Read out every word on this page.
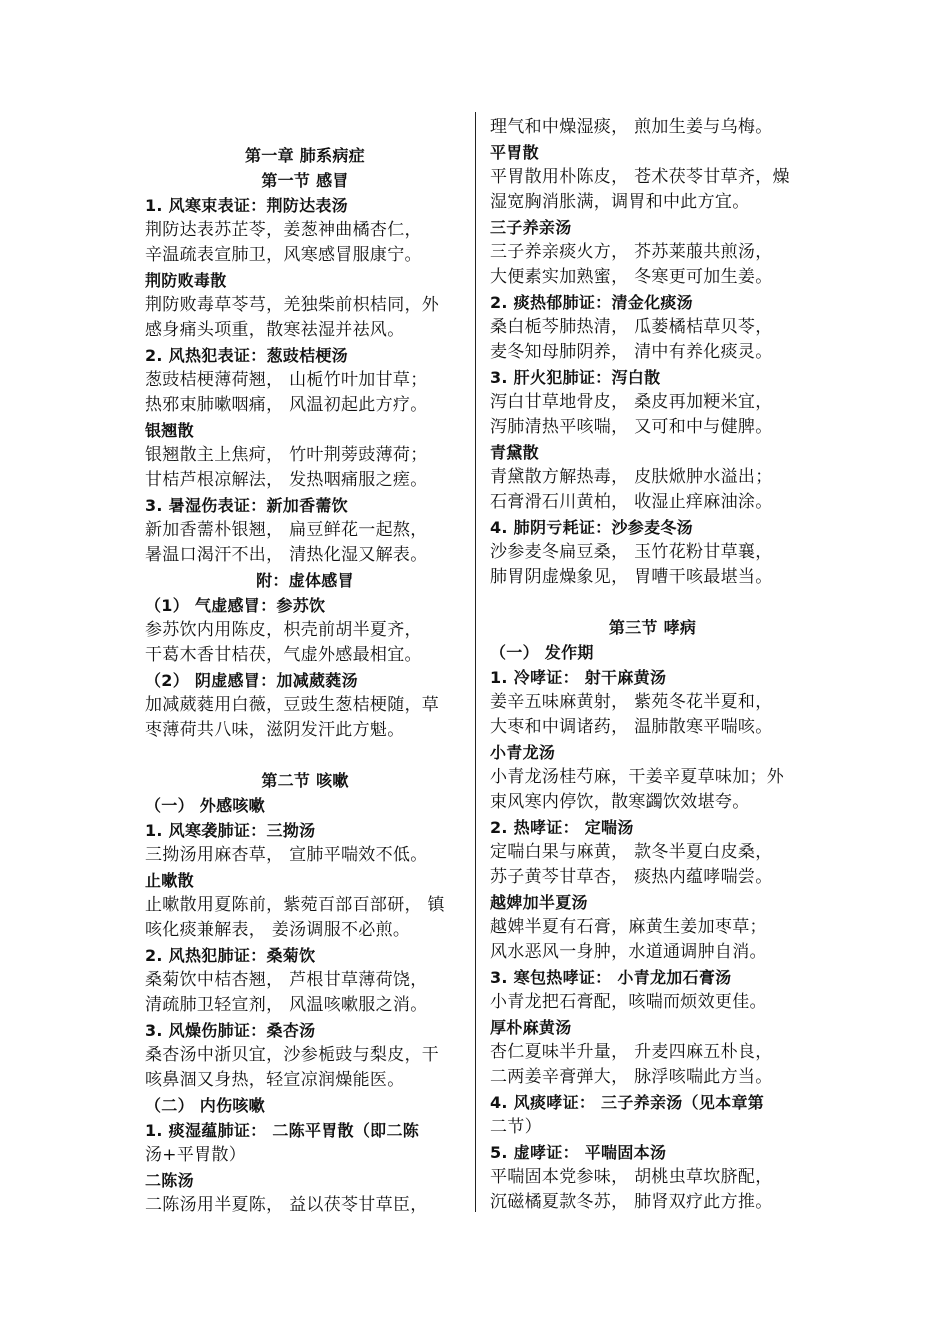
第一章 肺系病症
第一节 感冒
1. 风寒束表证：荆防达表汤
荆防达表苏芷苓，姜葱神曲橘杏仁，
辛温疏表宣肺卫，风寒感冒服康宁。
荆防败毒散
荆防败毒草苓芎，羌独柴前枳桔同，外
感身痛头项重，散寒祛湿并祛风。
2. 风热犯表证：葱豉桔梗汤
葱豉桔梗薄荷翘， 山栀竹叶加甘草；
热邪束肺嗽咽痛， 风温初起此方疗。
银翘散
银翘散主上焦疴， 竹叶荆蒡豉薄荷；
甘桔芦根凉解法， 发热咽痛服之瘥。
3. 暑湿伤表证：新加香薷饮
新加香薷朴银翘， 扁豆鲜花一起熬，
暑温口渴汗不出， 清热化湿又解表。
附：虚体感冒
（1） 气虚感冒：参苏饮
参苏饮内用陈皮，枳壳前胡半夏齐，
干葛木香甘桔茯，气虚外感最相宜。
（2） 阴虚感冒：加减葳蕤汤
加减葳蕤用白薇，豆豉生葱桔梗随，草
枣薄荷共八味，滋阴发汗此方魁。
第二节 咳嗽
（一） 外感咳嗽
1. 风寒袭肺证：三拗汤
三拗汤用麻杏草， 宣肺平喘效不低。
止嗽散
止嗽散用夏陈前，紫菀百部百部研， 镇
咳化痰兼解表， 姜汤调服不必煎。
2. 风热犯肺证：桑菊饮
桑菊饮中桔杏翘， 芦根甘草薄荷饶，
清疏肺卫轻宣剂， 风温咳嗽服之消。
3. 风燥伤肺证：桑杏汤
桑杏汤中浙贝宜，沙参栀豉与梨皮，干
咳鼻涸又身热，轻宣凉润燥能医。
（二） 内伤咳嗽
1. 痰湿蕴肺证： 二陈平胃散（即二陈
汤+平胃散）
二陈汤
二陈汤用半夏陈， 益以茯苓甘草臣，
理气和中燥湿痰， 煎加生姜与乌梅。
平胃散
平胃散用朴陈皮， 苍术茯苓甘草齐，燥
湿宽胸消胀满，调胃和中此方宜。
三子养亲汤
三子养亲痰火方， 芥苏莱菔共煎汤，
大便素实加熟蜜， 冬寒更可加生姜。
2. 痰热郁肺证：清金化痰汤
桑白栀芩肺热清， 瓜蒌橘桔草贝苓，
麦冬知母肺阴养， 清中有养化痰灵。
3. 肝火犯肺证：泻白散
泻白甘草地骨皮， 桑皮再加粳米宜，
泻肺清热平咳喘， 又可和中与健脾。
青黛散
青黛散方解热毒， 皮肤焮肿水溢出；
石膏滑石川黄柏， 收湿止痒麻油涂。
4. 肺阴亏耗证：沙参麦冬汤
沙参麦冬扁豆桑， 玉竹花粉甘草襄，
肺胃阴虚燥象见， 胃嘈干咳最堪当。
第三节 哮病
（一） 发作期
1. 冷哮证： 射干麻黄汤
姜辛五味麻黄射， 紫苑冬花半夏和，
大枣和中调诸药， 温肺散寒平喘咳。
小青龙汤
小青龙汤桂芍麻，干姜辛夏草味加；外
束风寒内停饮，散寒蠲饮效堪夸。
2. 热哮证： 定喘汤
定喘白果与麻黄， 款冬半夏白皮桑，
苏子黄芩甘草杏， 痰热内蕴哮喘尝。
越婢加半夏汤
越婢半夏有石膏，麻黄生姜加枣草；
风水恶风一身肿，水道通调肿自消。
3. 寒包热哮证： 小青龙加石膏汤
小青龙把石膏配，咳喘而烦效更佳。
厚朴麻黄汤
杏仁夏味半升量， 升麦四麻五朴良，
二两姜辛膏弹大， 脉浮咳喘此方当。
4. 风痰哮证： 三子养亲汤（见本章第
二节）
5. 虚哮证： 平喘固本汤
平喘固本党参味， 胡桃虫草坎脐配，
沉磁橘夏款冬苏， 肺肾双疗此方推。
